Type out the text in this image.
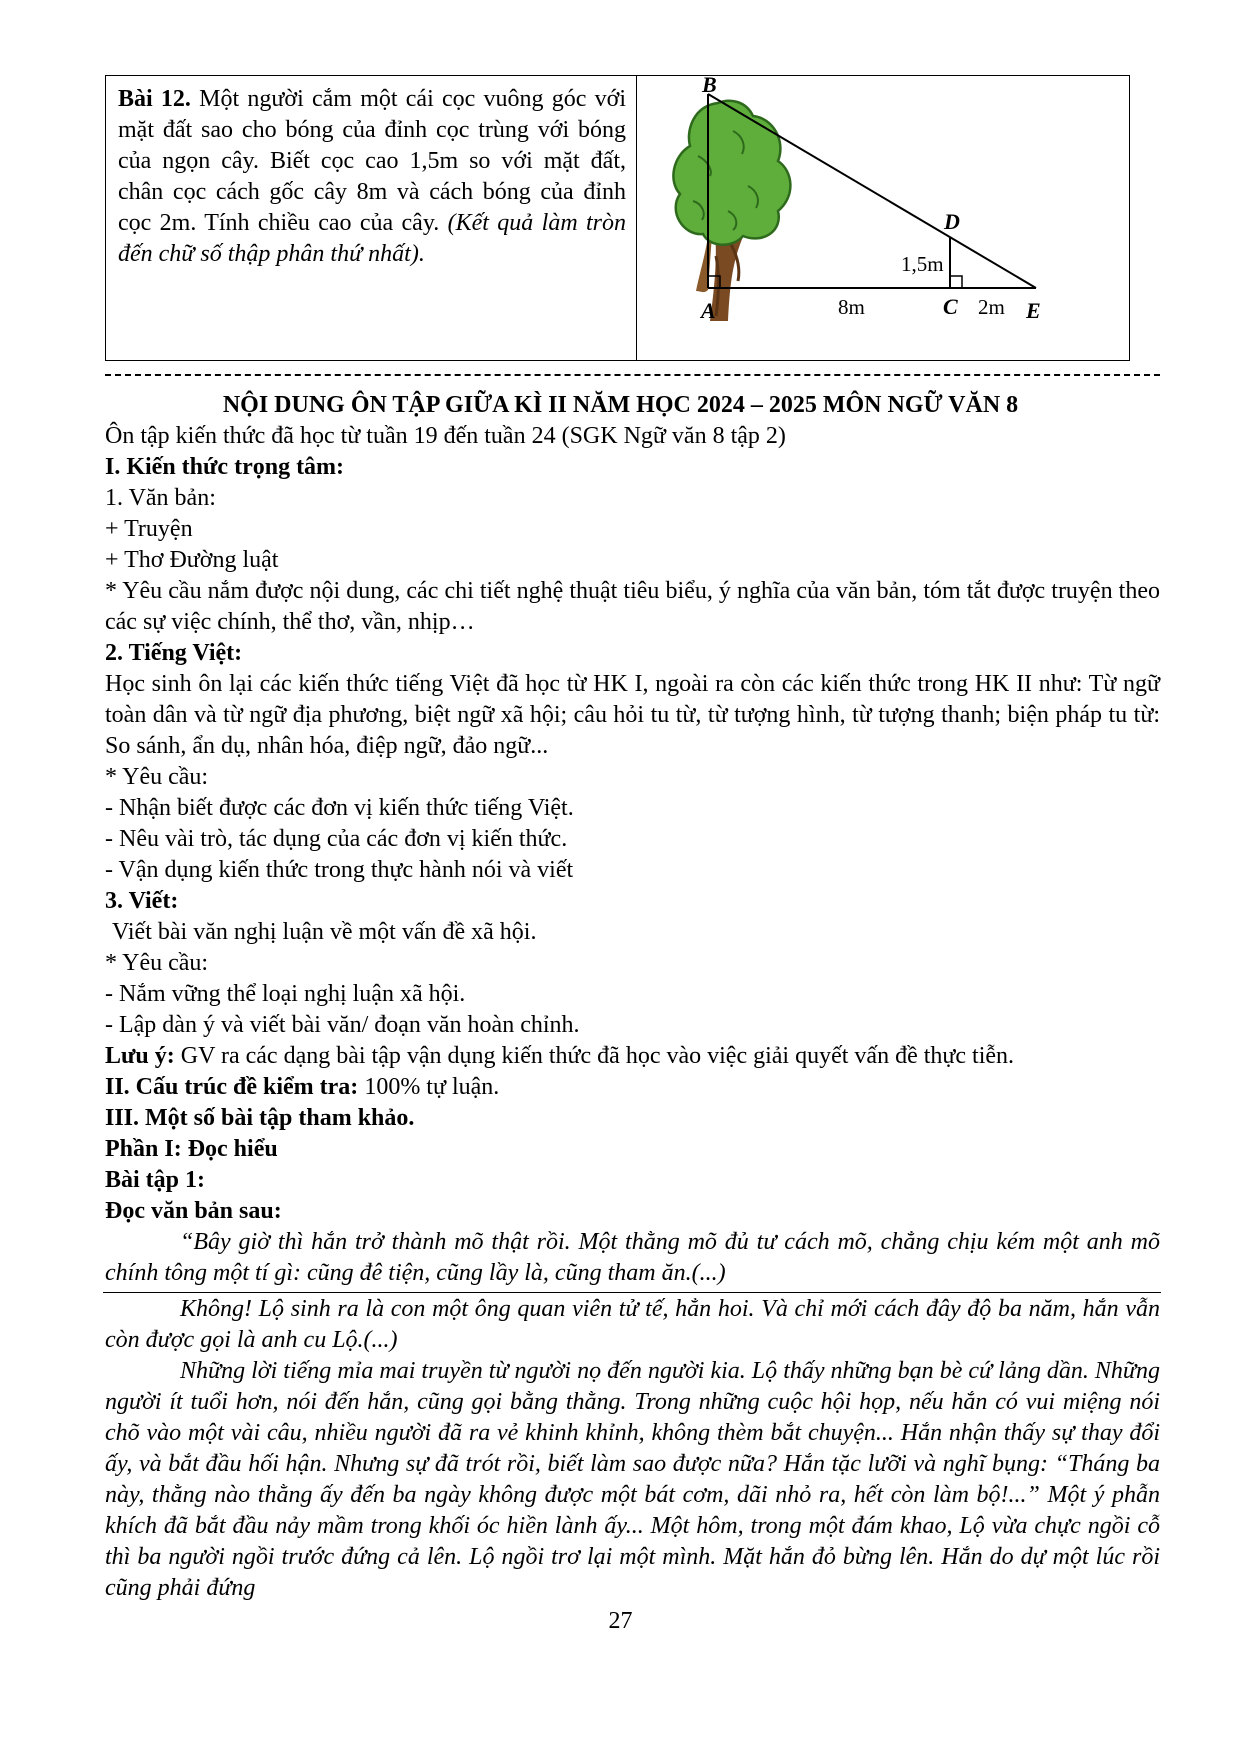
Bài 12. Một người cắm một cái cọc vuông góc với mặt đất sao cho bóng của đỉnh cọc trùng với bóng của ngọn cây. Biết cọc cao 1,5m so với mặt đất, chân cọc cách gốc cây 8m và cách bóng của đỉnh cọc 2m. Tính chiều cao của cây. (Kết quả làm tròn đến chữ số thập phân thứ nhất).
B
D
1,5m
A	C	E
8m	2m
NỘI DUNG ÔN TẬP GIỮA KÌ II NĂM HỌC 2024 – 2025 MÔN NGỮ VĂN 8
Ôn tập kiến thức đã học từ tuần 19 đến tuần 24 (SGK Ngữ văn 8 tập 2)
I. Kiến thức trọng tâm:
1. Văn bản:
+ Truyện
+ Thơ Đường luật
* Yêu cầu nắm được nội dung, các chi tiết nghệ thuật tiêu biểu, ý nghĩa của văn bản, tóm tắt được truyện theo các sự việc chính, thể thơ, vần, nhịp…
2. Tiếng Việt:
Học sinh ôn lại các kiến thức tiếng Việt đã học từ HK I, ngoài ra còn các kiến thức trong HK II như: Từ ngữ toàn dân và từ ngữ địa phương, biệt ngữ xã hội; câu hỏi tu từ, từ tượng hình, từ tượng thanh; biện pháp tu từ: So sánh, ẩn dụ, nhân hóa, điệp ngữ, đảo ngữ...
* Yêu cầu:
- Nhận biết được các đơn vị kiến thức tiếng Việt.
- Nêu vài trò, tác dụng của các đơn vị kiến thức.
- Vận dụng kiến thức trong thực hành nói và viết
3. Viết:
Viết bài văn nghị luận về một vấn đề xã hội.
* Yêu cầu:
- Nắm vững thể loại nghị luận xã hội.
- Lập dàn ý và viết bài văn/ đoạn văn hoàn chỉnh.
Lưu ý: GV ra các dạng bài tập vận dụng kiến thức đã học vào việc giải quyết vấn đề thực tiễn.
II. Cấu trúc đề kiểm tra: 100% tự luận.
III. Một số bài tập tham khảo.
Phần I: Đọc hiểu
Bài tập 1:
Đọc văn bản sau:
“Bây giờ thì hắn trở thành mõ thật rồi. Một thằng mõ đủ tư cách mõ, chẳng chịu kém một anh mõ chính tông một tí gì: cũng đê tiện, cũng lầy là, cũng tham ăn.(...)
Không! Lộ sinh ra là con một ông quan viên tử tế, hẳn hoi. Và chỉ mới cách đây độ ba năm, hắn vẫn còn được gọi là anh cu Lộ.(...)
Những lời tiếng mỉa mai truyền từ người nọ đến người kia. Lộ thấy những bạn bè cứ lảng dần. Những người ít tuổi hơn, nói đến hắn, cũng gọi bằng thằng. Trong những cuộc hội họp, nếu hắn có vui miệng nói chõ vào một vài câu, nhiều người đã ra vẻ khinh khỉnh, không thèm bắt chuyện... Hắn nhận thấy sự thay đổi ấy, và bắt đầu hối hận. Nhưng sự đã trót rồi, biết làm sao được nữa? Hắn tặc lưỡi và nghĩ bụng: “Tháng ba này, thằng nào thằng ấy đến ba ngày không được một bát cơm, dãi nhỏ ra, hết còn làm bộ!...” Một ý phẫn khích đã bắt đầu nảy mầm trong khối óc hiền lành ấy... Một hôm, trong một đám khao, Lộ vừa chực ngồi cỗ thì ba người ngồi trước đứng cả lên. Lộ ngồi trơ lại một mình. Mặt hắn đỏ bừng lên. Hắn do dự một lúc rồi cũng phải đứng
27
